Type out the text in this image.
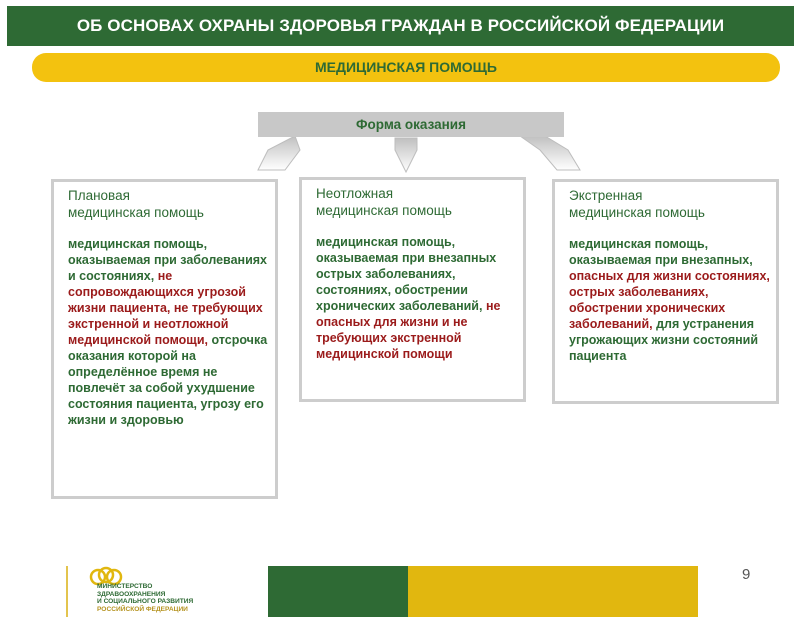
ОБ ОСНОВАХ ОХРАНЫ ЗДОРОВЬЯ ГРАЖДАН В РОССИЙСКОЙ ФЕДЕРАЦИИ
МЕДИЦИНСКАЯ ПОМОЩЬ
Форма оказания
Плановая
медицинская помощь
медицинская помощь, оказываемая при заболеваниях и состояниях, не сопровождающихся угрозой жизни пациента, не требующих экстренной и неотложной медицинской помощи, отсрочка оказания которой на определённое время не повлечёт за собой ухудшение состояния пациента, угрозу его жизни и здоровью
Неотложная
медицинская помощь
медицинская помощь, оказываемая при внезапных острых заболеваниях, состояниях, обострении хронических заболеваний, не опасных для жизни и не требующих экстренной медицинской помощи
Экстренная
медицинская помощь
медицинская помощь, оказываемая при внезапных, опасных для жизни состояниях, острых заболеваниях, обострении хронических заболеваний, для устранения угрожающих жизни состояний пациента
9
МИНИСТЕРСТВО
ЗДРАВООХРАНЕНИЯ
И СОЦИАЛЬНОГО РАЗВИТИЯ
РОССИЙСКОЙ ФЕДЕРАЦИИ
